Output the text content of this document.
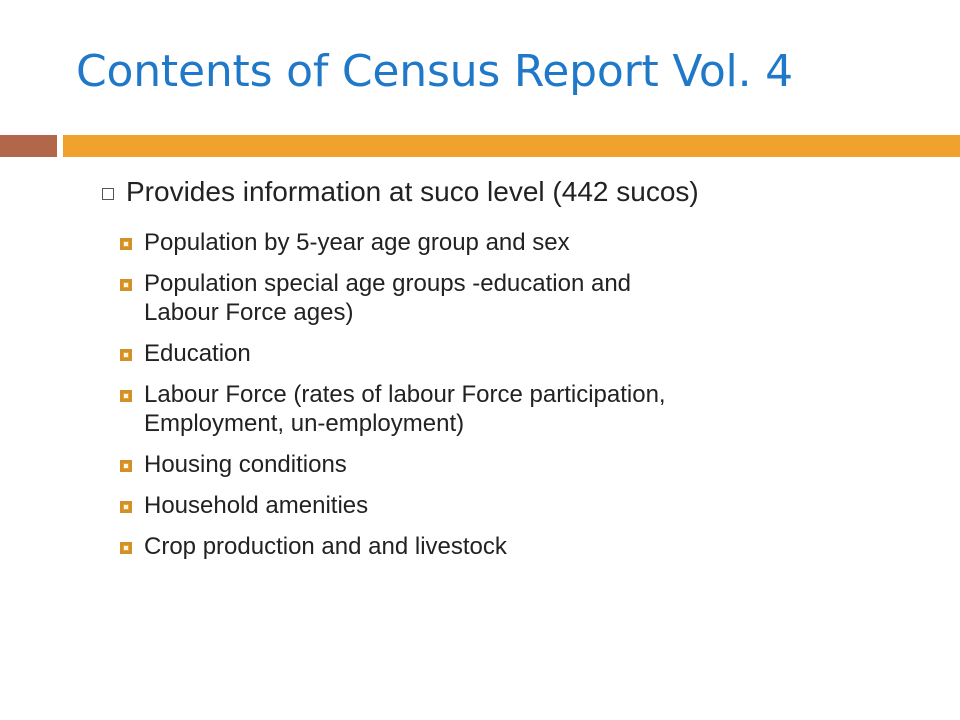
Contents of Census Report Vol. 4
Provides information at suco level (442 sucos)
Population by 5-year age group and sex
Population special age groups -education and
Labour Force ages)
Education
Labour Force (rates of labour Force participation,
Employment, un-employment)
Housing conditions
Household amenities
Crop production and and livestock
